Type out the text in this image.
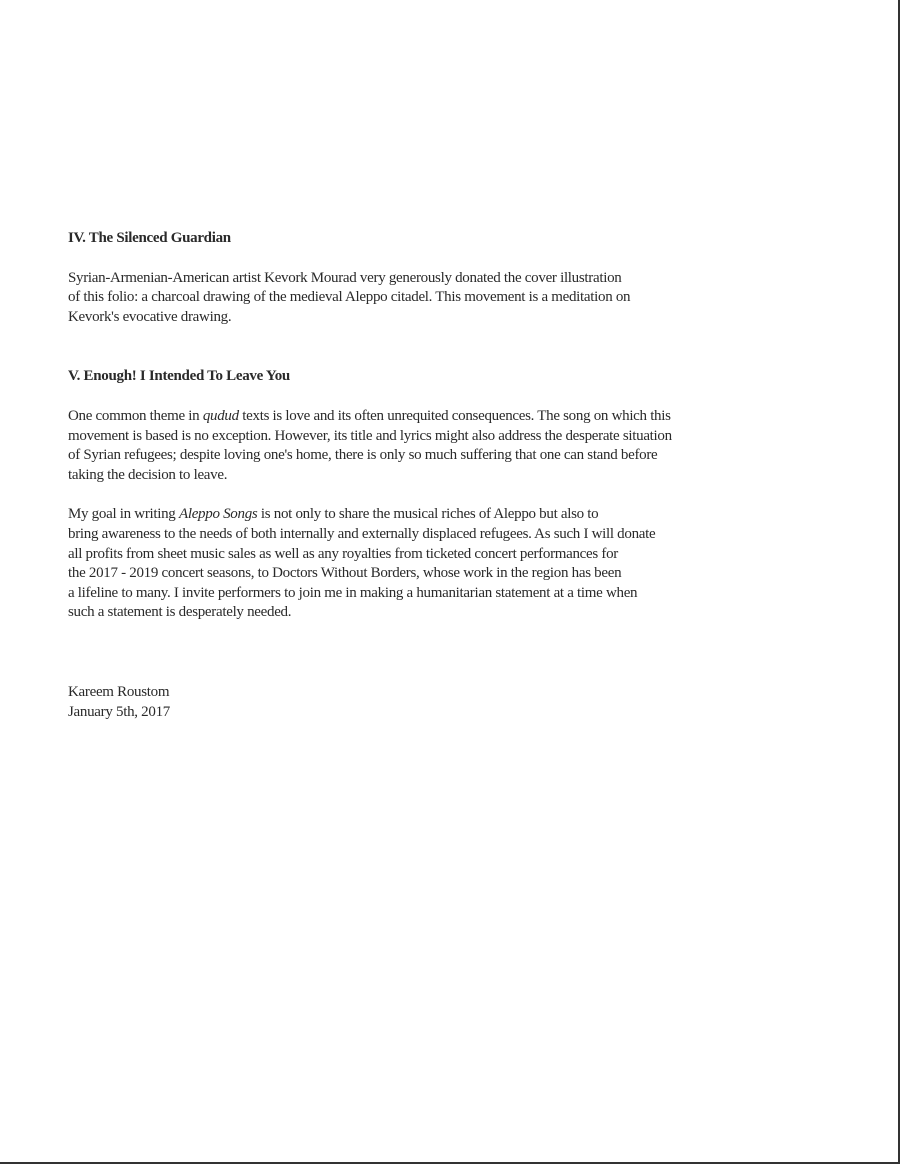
IV. The Silenced Guardian

Syrian-Armenian-American artist Kevork Mourad very generously donated the cover illustration
of this folio: a charcoal drawing of the medieval Aleppo citadel. This movement is a meditation on
Kevork's evocative drawing.

V. Enough! I Intended To Leave You

One common theme in qudud texts is love and its often unrequited consequences. The song on which this
movement is based is no exception. However, its title and lyrics might also address the desperate situation
of Syrian refugees; despite loving one's home, there is only so much suffering that one can stand before
taking the decision to leave.

My goal in writing Aleppo Songs is not only to share the musical riches of Aleppo but also to
bring awareness to the needs of both internally and externally displaced refugees. As such I will donate
all profits from sheet music sales as well as any royalties from ticketed concert performances for
the 2017 - 2019 concert seasons, to Doctors Without Borders, whose work in the region has been
a lifeline to many. I invite performers to join me in making a humanitarian statement at a time when
such a statement is desperately needed.

Kareem Roustom
January 5th, 2017
